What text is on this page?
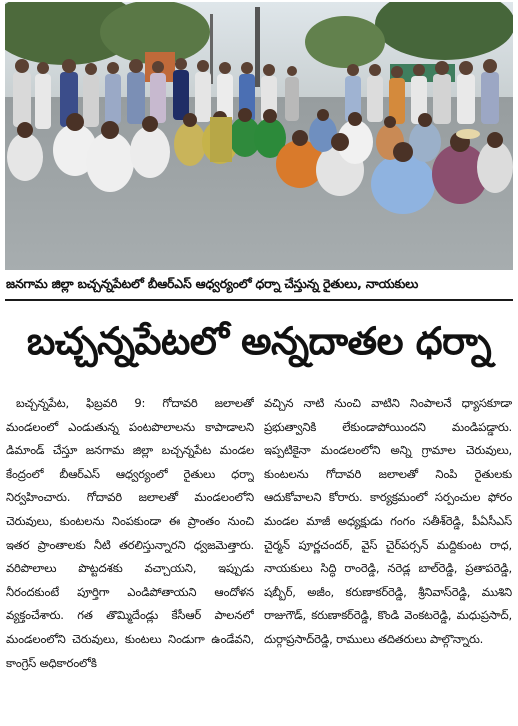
జనగామ జిల్లా బచ్చన్నపేటలో బీఆర్ఎస్ ఆధ్వర్యంలో ధర్నా చేస్తున్న రైతులు, నాయకులు
బచ్చన్నపేటలో అన్నదాతల ధర్నా

బచ్చన్నపేట, ఫిబ్రవరి 9: గోదావరి జలాలతో మండలంలో ఎండుతున్న పంటపొలాలను కాపాడాలని డిమాండ్ చేస్తూ జనగామ జిల్లా బచ్చన్నపేట మండల కేంద్రంలో బీఆర్ఎస్ ఆధ్వర్యంలో రైతులు ధర్నా నిర్వహించారు. గోదావరి జలాలతో మండలంలోని చెరువులు, కుంటలను నింపకుండా ఈ ప్రాంతం నుంచి ఇతర ప్రాంతాలకు నీటి తరలిస్తున్నారని ధ్వజమెత్తారు. వరిపొలాలు పొట్టదశకు వచ్చాయని, ఇప్పుడు నీరందకుంటే పూర్తిగా ఎండిపోతాయని ఆందోళన వ్యక్తంచేశారు. గత తొమ్మిదేండ్లు కేసీఆర్ పాలనలో మండలంలోని చెరువులు, కుంటలు నిండుగా ఉండేవని, కాంగ్రెస్ అధికారంలోకి

వచ్చిన నాటి నుంచి వాటిని నింపాలనే ధ్యాసకూడా ప్రభుత్వానికి లేకుండాపోయిందని మండిపడ్డారు. ఇప్పటికైనా మండలంలోని అన్ని గ్రామాల చెరువులు, కుంటలను గోదావరి జలాలతో నింపి రైతులకు ఆదుకోవాలని కోరారు. కార్యక్రమంలో సర్పంచుల ఫోరం మండల మాజీ అధ్యక్షుడు గంగం సతీశ్‌రెడ్డి, పీఏసీఎస్ చైర్మన్ పూర్ణచందర్, వైస్ చైర్‌పర్సన్ మద్దికుంట రాధ, నాయకులు సిద్ధి రాంరెడ్డి, నరెడ్ల బాల్‌రెడ్డి, ప్రతాపరెడ్డి, షబ్బీర్, అజీం, కరుణాకర్‌రెడ్డి, శ్రీనివాస్‌రెడ్డి, ముశిని రాజుగౌడ్, కరుణాకర్‌రెడ్డి, కొండి వెంకటరెడ్డి, మధుప్రసాద్, దుర్గాప్రసాద్‌రెడ్డి, రాములు తదితరులు పాల్గొన్నారు.
